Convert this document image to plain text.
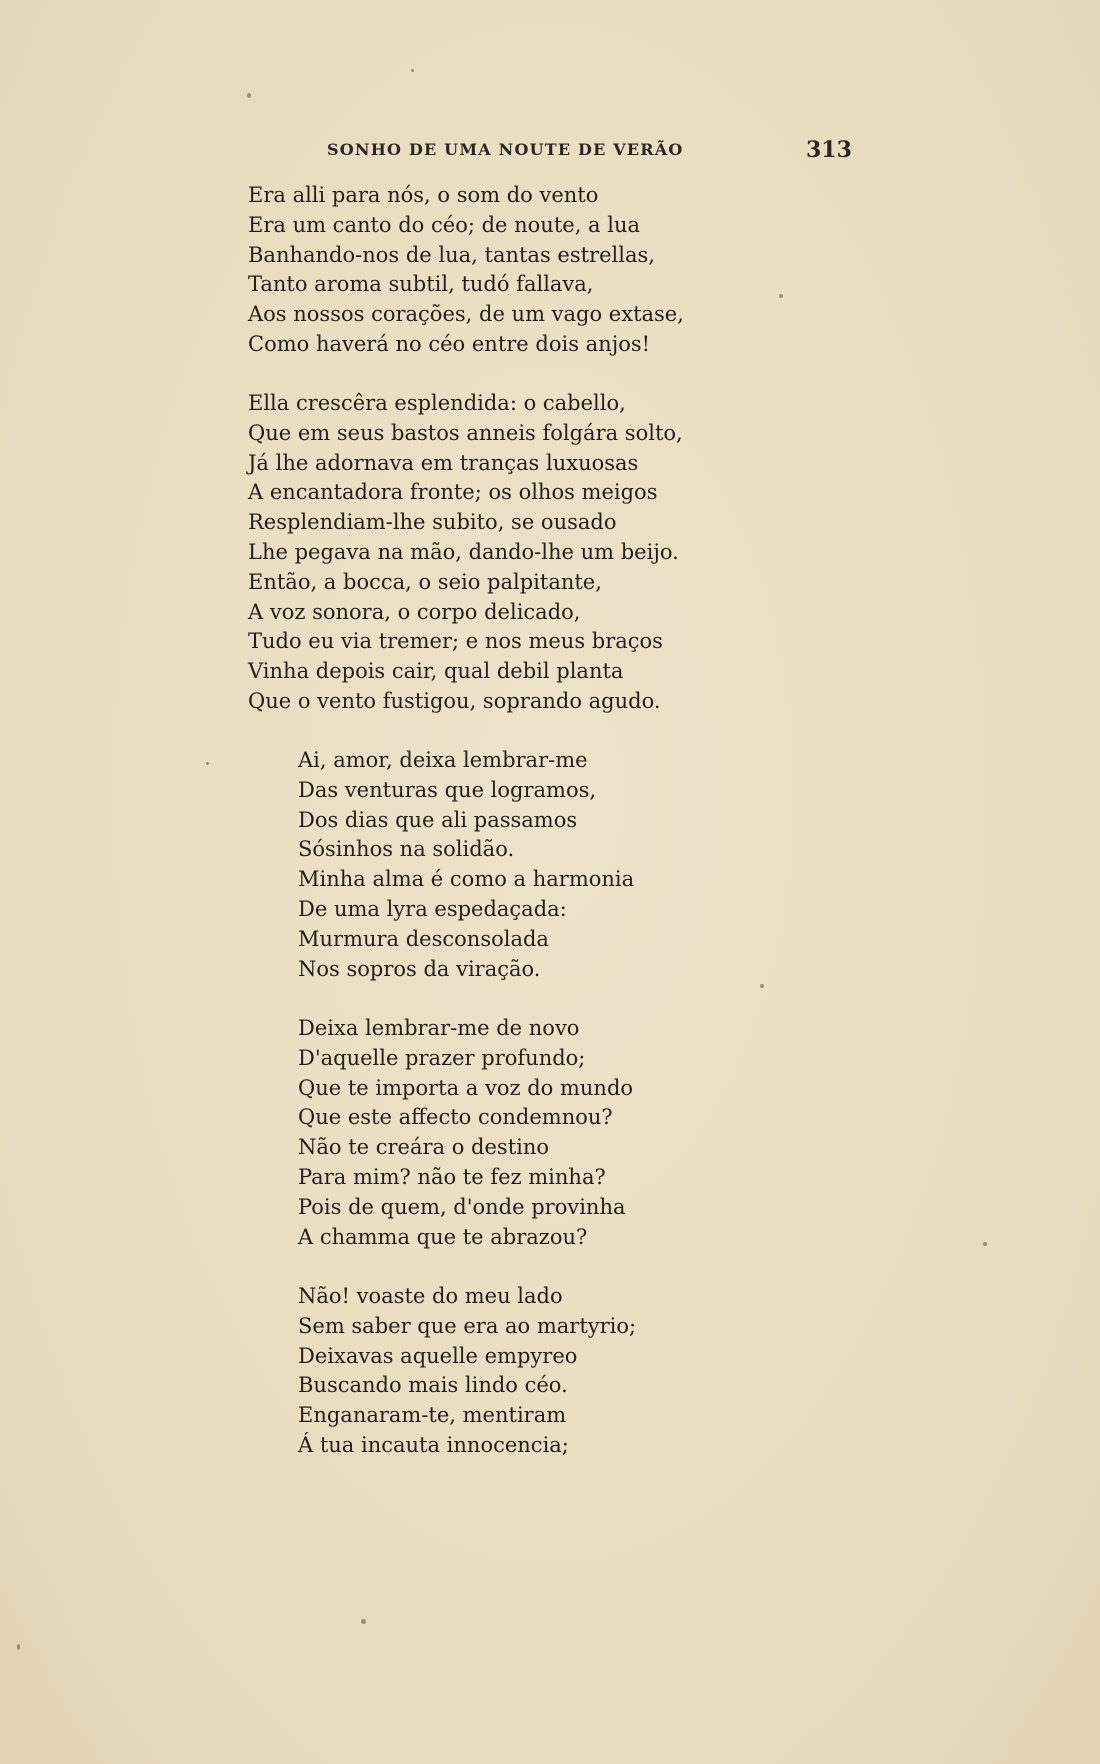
SONHO DE UMA NOUTE DE VERÃO	313
Era alli para nós, o som do vento
Era um canto do céo; de noute, a lua
Banhando-nos de lua, tantas estrellas,
Tanto aroma subtil, tudó fallava,
Aos nossos corações, de um vago extase,
Como haverá no céo entre dois anjos!
Ella crescêra esplendida: o cabello,
Que em seus bastos anneis folgára solto,
Já lhe adornava em tranças luxuosas
A encantadora fronte; os olhos meigos
Resplendiam-lhe subito, se ousado
Lhe pegava na mão, dando-lhe um beijo.
Então, a bocca, o seio palpitante,
A voz sonora, o corpo delicado,
Tudo eu via tremer; e nos meus braços
Vinha depois cair, qual debil planta
Que o vento fustigou, soprando agudo.
Ai, amor, deixa lembrar-me
Das venturas que logramos,
Dos dias que ali passamos
Sósinhos na solidão.
Minha alma é como a harmonia
De uma lyra espedaçada:
Murmura desconsolada
Nos sopros da viração.
Deixa lembrar-me de novo
D'aquelle prazer profundo;
Que te importa a voz do mundo
Que este affecto condemnou?
Não te creára o destino
Para mim? não te fez minha?
Pois de quem, d'onde provinha
A chamma que te abrazou?
Não! voaste do meu lado
Sem saber que era ao martyrio;
Deixavas aquelle empyreo
Buscando mais lindo céo.
Enganaram-te, mentiram
Á tua incauta innocencia;
